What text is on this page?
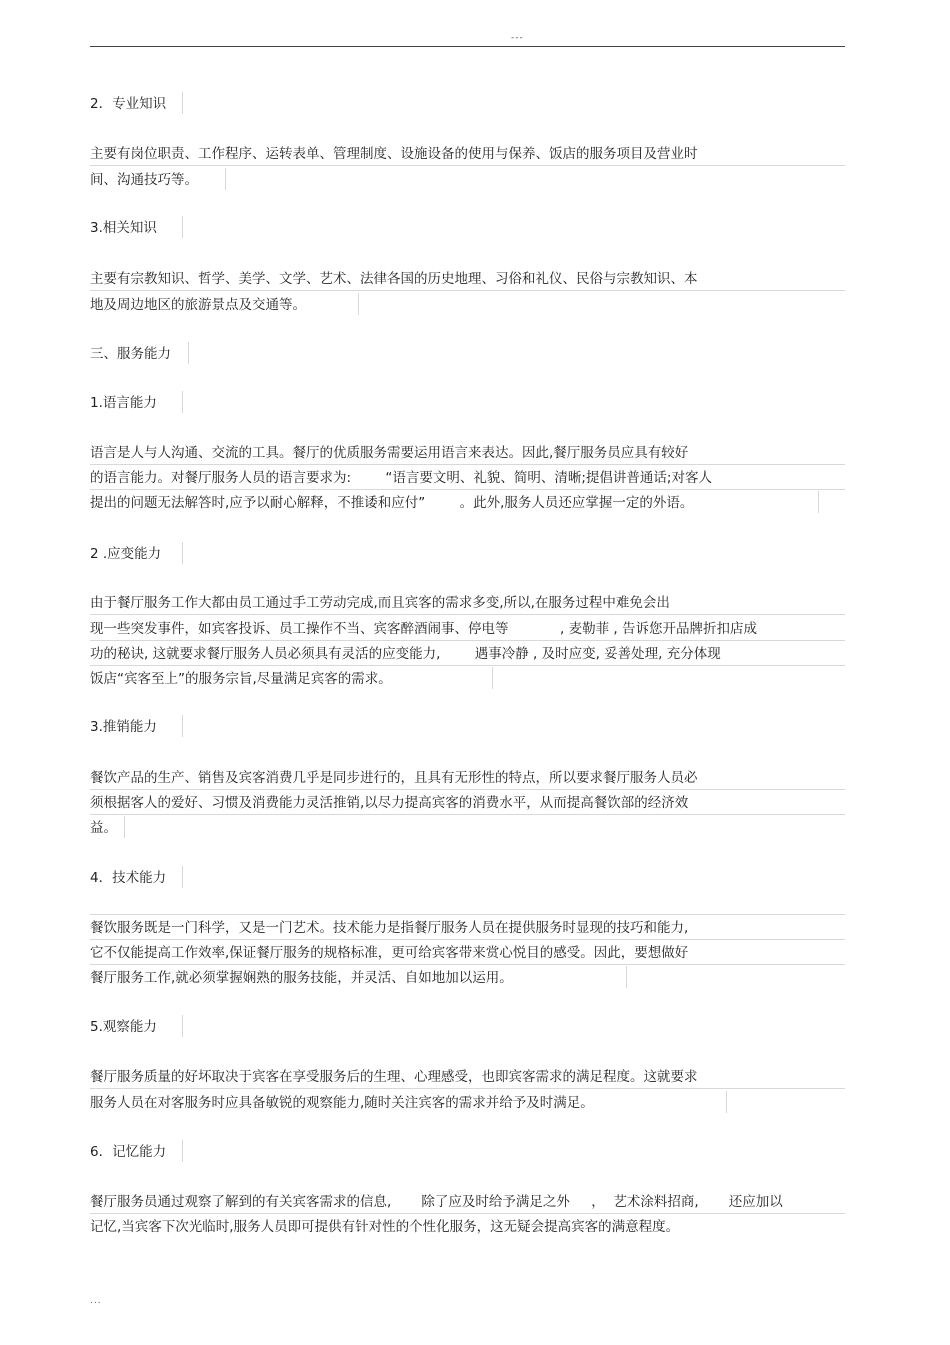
---
2．专业知识
主要有岗位职责、工作程序、运转表单、管理制度、设施设备的使用与保养、饭店的服务项目及营业时
间、沟通技巧等。
3.相关知识
主要有宗教知识、哲学、美学、文学、艺术、法律各国的历史地理、习俗和礼仪、民俗与宗教知识、本
地及周边地区的旅游景点及交通等。
三、服务能力
1.语言能力
语言是人与人沟通、交流的工具。餐厅的优质服务需要运用语言来表达。因此,餐厅服务员应具有较好
的语言能力。对餐厅服务人员的语言要求为:        “语言要文明、礼貌、简明、清晰;提倡讲普通话;对客人
提出的问题无法解答时,应予以耐心解释，不推诿和应付”        。此外,服务人员还应掌握一定的外语。
2 .应变能力
由于餐厅服务工作大都由员工通过手工劳动完成,而且宾客的需求多变,所以,在服务过程中难免会出
现一些突发事件，如宾客投诉、员工操作不当、宾客醉酒闹事、停电等            , 麦勒菲 , 告诉您开品牌折扣店成
功的秘诀, 这就要求餐厅服务人员必须具有灵活的应变能力,        遇事冷静 , 及时应变, 妥善处理, 充分体现
饭店“宾客至上”的服务宗旨,尽量满足宾客的需求。
3.推销能力
餐饮产品的生产、销售及宾客消费几乎是同步进行的，且具有无形性的特点，所以要求餐厅服务人员必
须根据客人的爱好、习惯及消费能力灵活推销,以尽力提高宾客的消费水平，从而提高餐饮部的经济效
益。
4．技术能力
餐饮服务既是一门科学，又是一门艺术。技术能力是指餐厅服务人员在提供服务时显现的技巧和能力,
它不仅能提高工作效率,保证餐厅服务的规格标准，更可给宾客带来赏心悦目的感受。因此，要想做好
餐厅服务工作,就必须掌握娴熟的服务技能，并灵活、自如地加以运用。
5.观察能力
餐厅服务质量的好坏取决于宾客在享受服务后的生理、心理感受，也即宾客需求的满足程度。这就要求
服务人员在对客服务时应具备敏锐的观察能力,随时关注宾客的需求并给予及时满足。
6．记忆能力
餐厅服务员通过观察了解到的有关宾客需求的信息,       除了应及时给予满足之外     ，  艺术涂料招商,       还应加以
记忆,当宾客下次光临时,服务人员即可提供有针对性的个性化服务，这无疑会提高宾客的满意程度。
...
